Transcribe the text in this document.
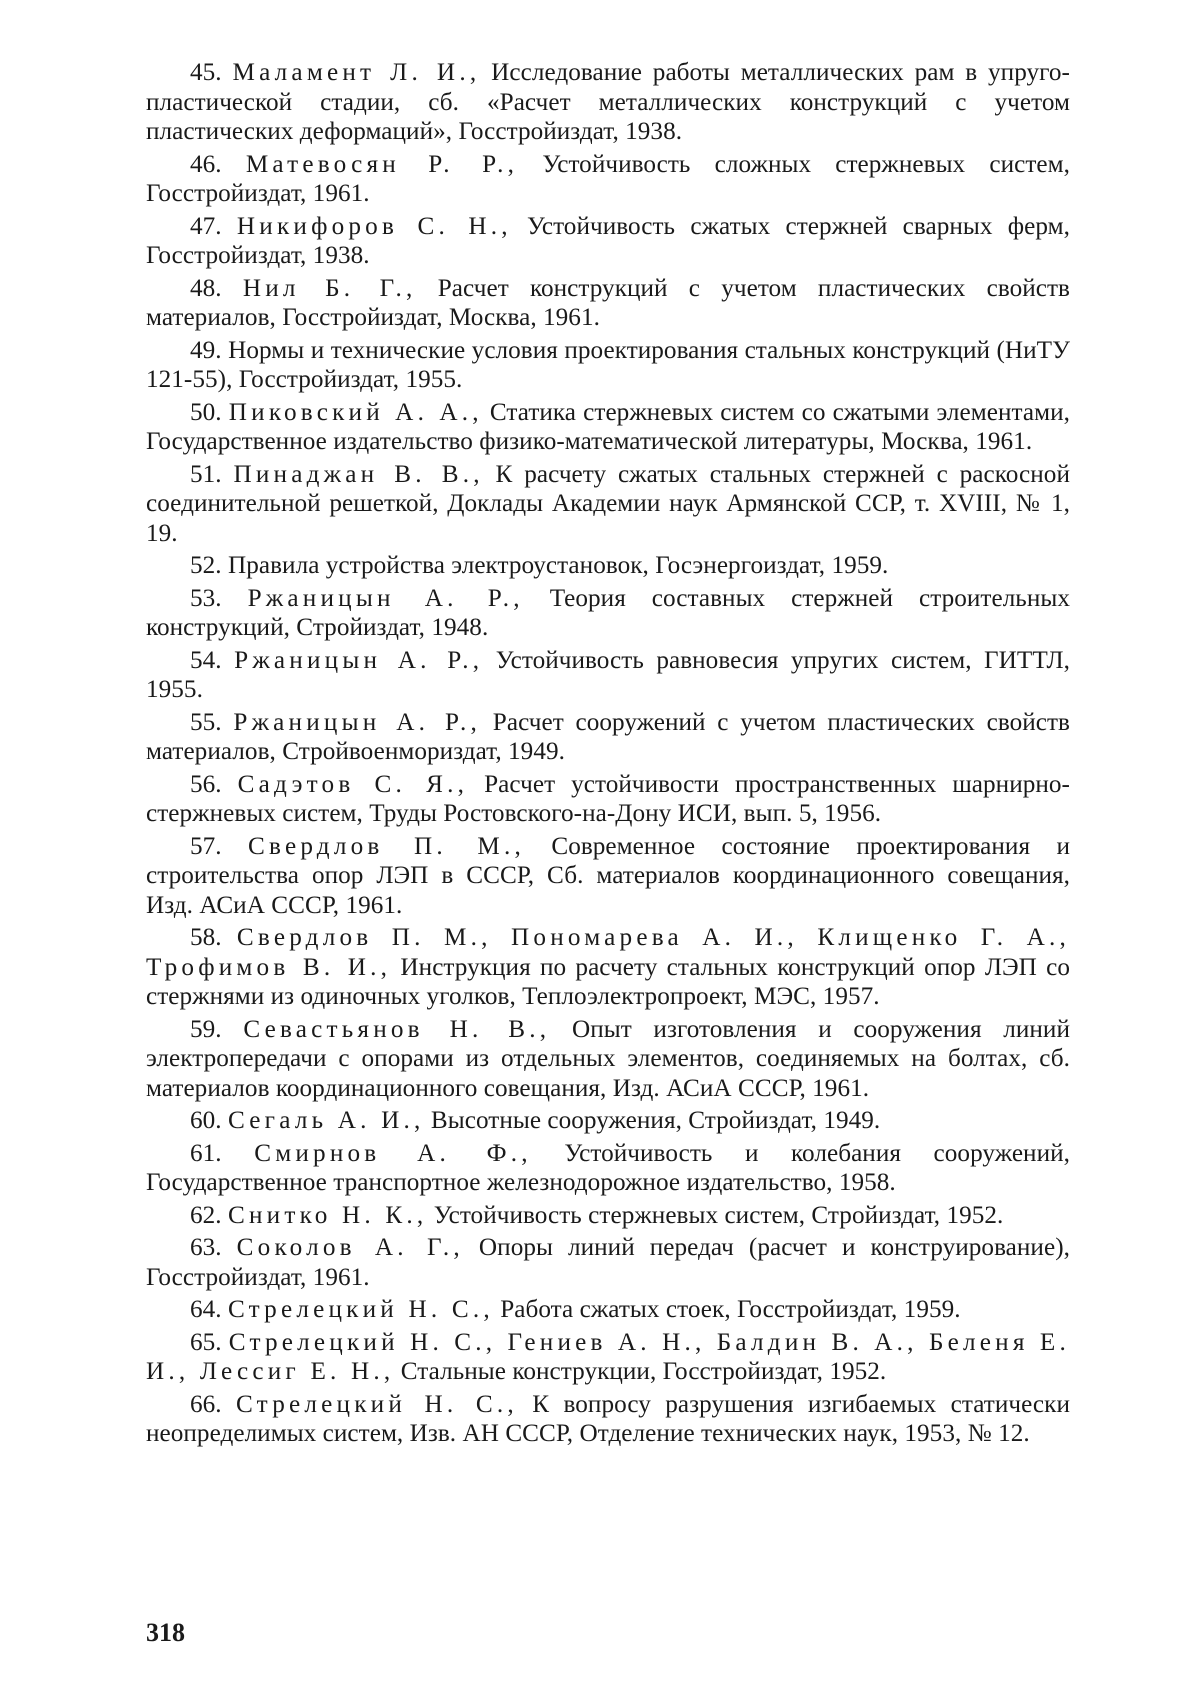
45. Маламент Л. И., Исследование работы металлических рам в упруго-пластической стадии, сб. «Расчет металлических конструкций с учетом пластических деформаций», Госстройиздат, 1938.

46. Матевосян Р. Р., Устойчивость сложных стержневых систем, Госстройиздат, 1961.

47. Никифоров С. Н., Устойчивость сжатых стержней сварных ферм, Госстройиздат, 1938.

48. Нил Б. Г., Расчет конструкций с учетом пластических свойств материалов, Госстройиздат, Москва, 1961.

49. Нормы и технические условия проектирования стальных конструкций (НиТУ 121-55), Госстройиздат, 1955.

50. Пиковский А. А., Статика стержневых систем со сжатыми элементами, Государственное издательство физико-математической литературы, Москва, 1961.

51. Пинаджан В. В., К расчету сжатых стальных стержней с раскосной соединительной решеткой, Доклады Академии наук Армянской ССР, т. XVIII, № 1, 19.

52. Правила устройства электроустановок, Госэнергоиздат, 1959.

53. Ржаницын А. Р., Теория составных стержней строительных конструкций, Стройиздат, 1948.

54. Ржаницын А. Р., Устойчивость равновесия упругих систем, ГИТТЛ, 1955.

55. Ржаницын А. Р., Расчет сооружений с учетом пластических свойств материалов, Стройвоенмориздат, 1949.

56. Садэтов С. Я., Расчет устойчивости пространственных шарнирно-стержневых систем, Труды Ростовского-на-Дону ИСИ, вып. 5, 1956.

57. Свердлов П. М., Современное состояние проектирования и строительства опор ЛЭП в СССР, Сб. материалов координационного совещания, Изд. АСиА СССР, 1961.

58. Свердлов П. М., Пономарева А. И., Клищенко Г. А., Трофимов В. И., Инструкция по расчету стальных конструкций опор ЛЭП со стержнями из одиночных уголков, Теплоэлектропроект, МЭС, 1957.

59. Севастьянов Н. В., Опыт изготовления и сооружения линий электропередачи с опорами из отдельных элементов, соединяемых на болтах, сб. материалов координационного совещания, Изд. АСиА СССР, 1961.

60. Сегаль А. И., Высотные сооружения, Стройиздат, 1949.

61. Смирнов А. Ф., Устойчивость и колебания сооружений, Государственное транспортное железнодорожное издательство, 1958.

62. Снитко Н. К., Устойчивость стержневых систем, Стройиздат, 1952.

63. Соколов А. Г., Опоры линий передач (расчет и конструирование), Госстройиздат, 1961.

64. Стрелецкий Н. С., Работа сжатых стоек, Госстройиздат, 1959.

65. Стрелецкий Н. С., Гениев А. Н., Балдин В. А., Беленя Е. И., Лессиг Е. Н., Стальные конструкции, Госстройиздат, 1952.

66. Стрелецкий Н. С., К вопросу разрушения изгибаемых статически неопределимых систем, Изв. АН СССР, Отделение технических наук, 1953, № 12.

318
